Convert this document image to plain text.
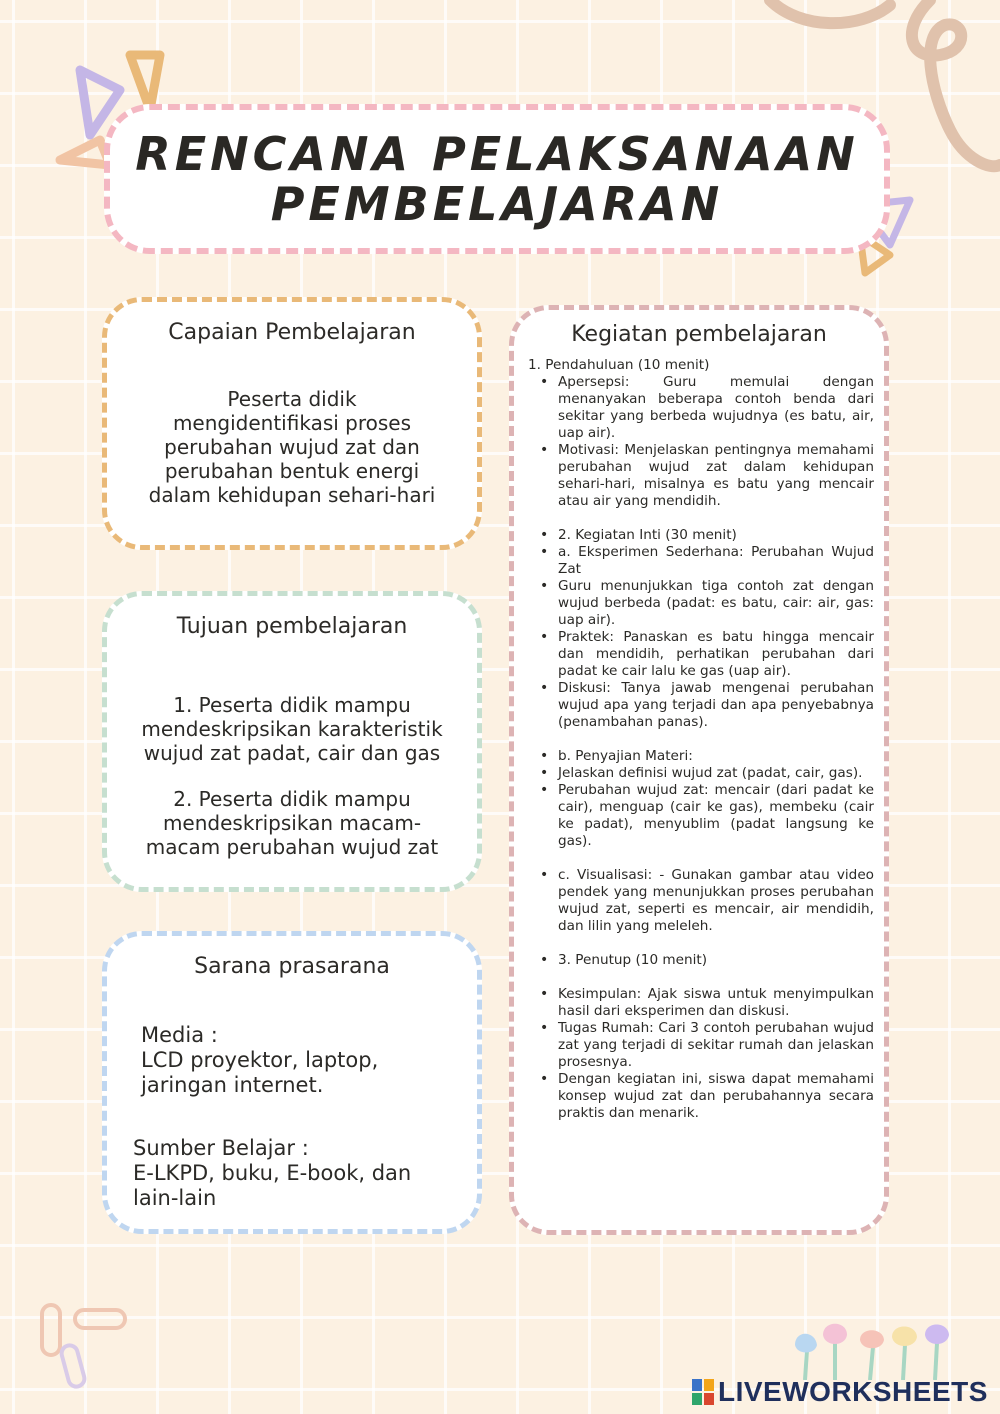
RENCANA PELAKSANAAN
PEMBELAJARAN
Capaian Pembelajaran
Peserta didik
mengidentifikasi proses
perubahan wujud zat dan
perubahan bentuk energi
dalam kehidupan sehari-hari
Tujuan pembelajaran
1. Peserta didik mampu
mendeskripsikan karakteristik
wujud zat padat, cair dan gas
2. Peserta didik mampu
mendeskripsikan macam-
macam perubahan wujud zat
Sarana prasarana
Media :
LCD proyektor, laptop,
jaringan internet.
Sumber Belajar :
E-LKPD, buku, E-book, dan
lain-lain
Kegiatan pembelajaran
1. Pendahuluan (10 menit)
• Apersepsi: Guru memulai dengan menanyakan beberapa contoh benda dari sekitar yang berbeda wujudnya (es batu, air, uap air).
• Motivasi: Menjelaskan pentingnya memahami perubahan wujud zat dalam kehidupan sehari-hari, misalnya es batu yang mencair atau air yang mendidih.
• 2. Kegiatan Inti (30 menit)
• a. Eksperimen Sederhana: Perubahan Wujud Zat
• Guru menunjukkan tiga contoh zat dengan wujud berbeda (padat: es batu, cair: air, gas: uap air).
• Praktek: Panaskan es batu hingga mencair dan mendidih, perhatikan perubahan dari padat ke cair lalu ke gas (uap air).
• Diskusi: Tanya jawab mengenai perubahan wujud apa yang terjadi dan apa penyebabnya (penambahan panas).
• b. Penyajian Materi:
• Jelaskan definisi wujud zat (padat, cair, gas).
• Perubahan wujud zat: mencair (dari padat ke cair), menguap (cair ke gas), membeku (cair ke padat), menyublim (padat langsung ke gas).
• c. Visualisasi: - Gunakan gambar atau video pendek yang menunjukkan proses perubahan wujud zat, seperti es mencair, air mendidih, dan lilin yang meleleh.
• 3. Penutup (10 menit)
• Kesimpulan: Ajak siswa untuk menyimpulkan hasil dari eksperimen dan diskusi.
• Tugas Rumah: Cari 3 contoh perubahan wujud zat yang terjadi di sekitar rumah dan jelaskan prosesnya.
• Dengan kegiatan ini, siswa dapat memahami konsep wujud zat dan perubahannya secara praktis dan menarik.
LIVEWORKSHEETS
